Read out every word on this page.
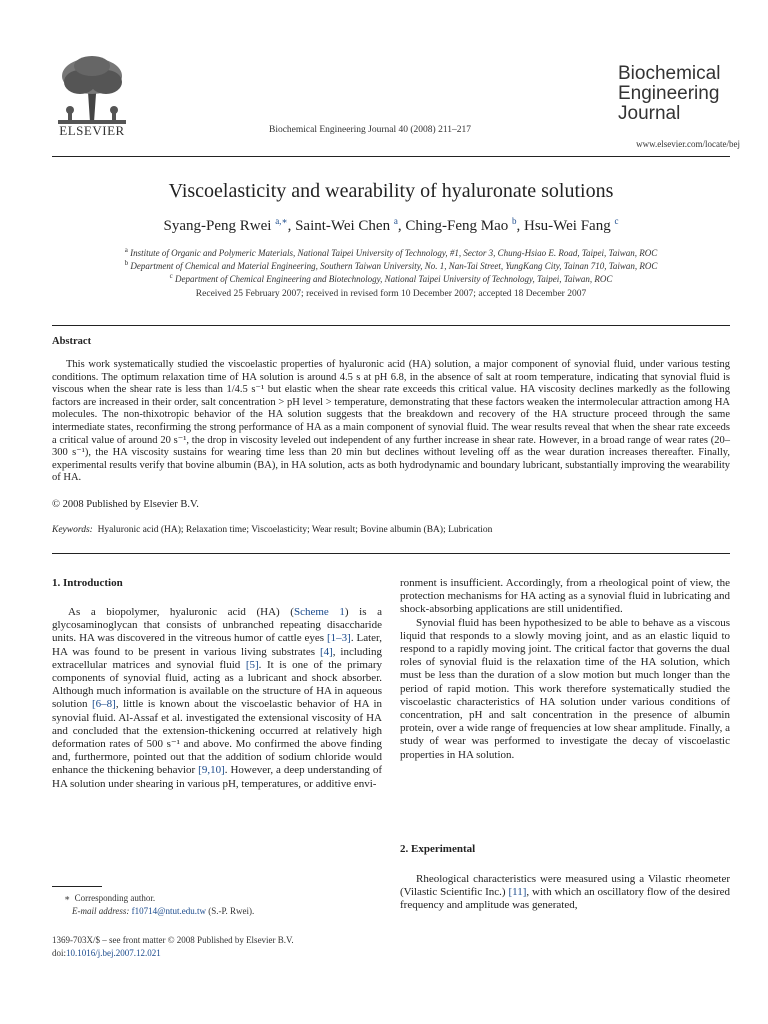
ELSEVIER	Biochemical Engineering Journal 40 (2008) 211–217
Biochemical
Engineering
Journal
www.elsevier.com/locate/bej
Viscoelasticity and wearability of hyaluronate solutions
Syang-Peng Rwei $^{a,∗}$, Saint-Wei Chen $^a$, Ching-Feng Mao $^b$, Hsu-Wei Fang $^c$
$^a$ Institute of Organic and Polymeric Materials, National Taipei University of Technology, #1, Sector 3, Chung-Hsiao E. Road, Taipei, Taiwan, ROC
$^b$ Department of Chemical and Material Engineering, Southern Taiwan University, No. 1, Nan-Tai Street, YungKang City, Tainan 710, Taiwan, ROC
$^c$ Department of Chemical Engineering and Biotechnology, National Taipei University of Technology, Taipei, Taiwan, ROC
Received 25 February 2007; received in revised form 10 December 2007; accepted 18 December 2007
Abstract

This work systematically studied the viscoelastic properties of hyaluronic acid (HA) solution, a major component of synovial fluid, under various testing conditions. The optimum relaxation time of HA solution is around 4.5 s at pH 6.8, in the absence of salt at room temperature, indicating that synovial fluid is viscous when the shear rate is less than 1/4.5 s⁻¹ but elastic when the shear rate exceeds this critical value. HA viscosity declines markedly as the following factors are increased in their order, salt concentration > pH level > temperature, demonstrating that these factors weaken the intermolecular attraction among HA molecules. The non-thixotropic behavior of the HA solution suggests that the breakdown and recovery of the HA structure proceed through the same intermediate states, reconfirming the strong performance of HA as a main component of synovial fluid. The wear results reveal that when the shear rate exceeds a critical value of around 20 s⁻¹, the drop in viscosity leveled out independent of any further increase in shear rate. However, in a broad range of wear rates (20–300 s⁻¹), the HA viscosity sustains for wearing time less than 20 min but declines without leveling off as the wear duration increases thereafter. Finally, experimental results verify that bovine albumin (BA), in HA solution, acts as both hydrodynamic and boundary lubricant, substantially improving the wearability of HA.

© 2008 Published by Elsevier B.V.
Keywords: Hyaluronic acid (HA); Relaxation time; Viscoelasticity; Wear result; Bovine albumin (BA); Lubrication
1. Introduction

As a biopolymer, hyaluronic acid (HA) (Scheme 1) is a glycosaminoglycan that consists of unbranched repeating disaccharide units. HA was discovered in the vitreous humor of cattle eyes [1–3]. Later, HA was found to be present in various living substrates [4], including extracellular matrices and synovial fluid [5]. It is one of the primary components of synovial fluid, acting as a lubricant and shock absorber. Although much information is available on the structure of HA in aqueous solution [6–8], little is known about the viscoelastic behavior of HA in synovial fluid. Al-Assaf et al. investigated the extensional viscosity of HA and concluded that the extension-thickening occurred at relatively high deformation rates of 500 s⁻¹ and above. Mo confirmed the above finding and, furthermore, pointed out that the addition of sodium chloride would enhance the thickening behavior [9,10]. However, a deep understanding of HA solution under shearing in various pH, temperatures, or additive envi-

∗ Corresponding author.
E-mail address: f10714@ntut.edu.tw (S.-P. Rwei).
1369-703X/$ – see front matter © 2008 Published by Elsevier B.V.
doi:10.1016/j.bej.2007.12.021

ronment is insufficient. Accordingly, from a rheological point of view, the protection mechanisms for HA acting as a synovial fluid in lubricating and shock-absorbing applications are still unidentified.

Synovial fluid has been hypothesized to be able to behave as a viscous liquid that responds to a slowly moving joint, and as an elastic liquid to respond to a rapidly moving joint. The critical factor that governs the dual roles of synovial fluid is the relaxation time of the HA solution, which must be less than the duration of a slow motion but much longer than the period of rapid motion. This work therefore systematically studied the viscoelastic characteristics of HA solution under various conditions of concentration, pH and salt concentration in the presence of albumin protein, over a wide range of frequencies at low shear amplitude. Finally, a study of wear was performed to investigate the decay of viscoelastic properties in HA solution.

2. Experimental

Rheological characteristics were measured using a Vilastic rheometer (Vilastic Scientific Inc.) [11], with which an oscillatory flow of the desired frequency and amplitude was generated,
